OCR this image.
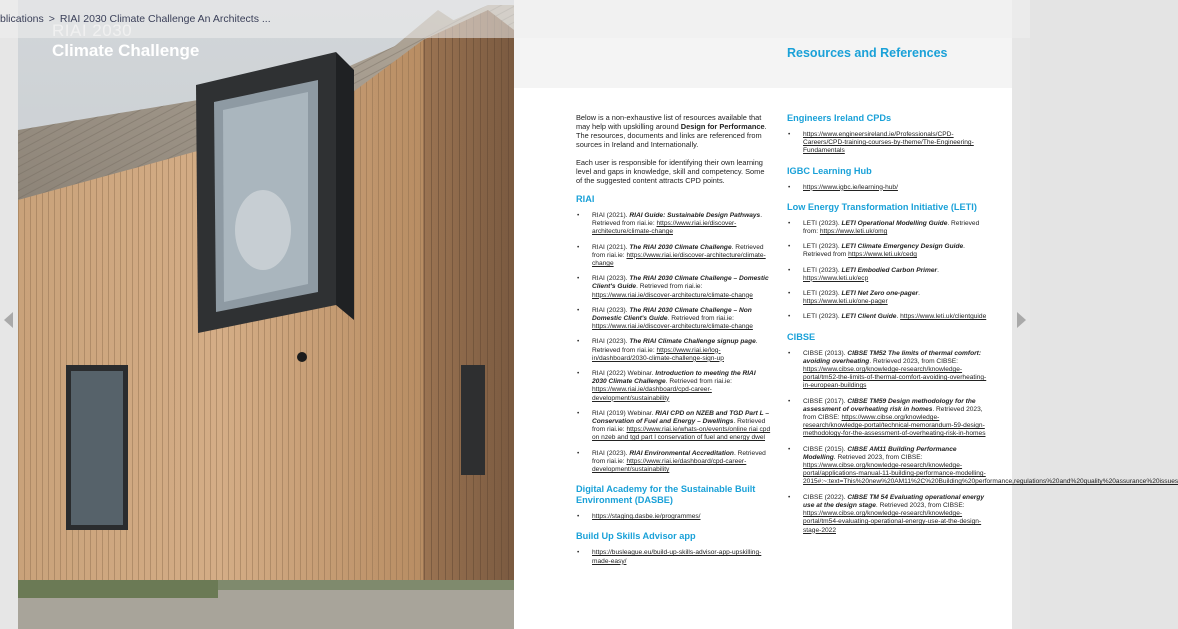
blications > RIAI 2030 Climate Challenge An Architects ...
Climate Challenge	Resources and References

Below is a non-exhaustive list of resources available that may help with upskilling around Design for Performance. The resources, documents and links are referenced from sources in Ireland and Internationally.

Each user is responsible for identifying their own learning level and gaps in knowledge, skill and competency. Some of the suggested content attracts CPD points.

RIAI
• RIAI (2021). RIAI Guide: Sustainable Design Pathways. Retrieved from riai.ie: https://www.riai.ie/discover-architecture/climate-change
• RIAI (2021). The RIAI 2030 Climate Challenge. Retrieved from riai.ie: https://www.riai.ie/discover-architecture/climate-change
• RIAI (2023). The RIAI 2030 Climate Challenge – Domestic Client's Guide. Retrieved from riai.ie: https://www.riai.ie/discover-architecture/climate-change
• RIAI (2023). The RIAI 2030 Climate Challenge – Non Domestic Client's Guide. Retrieved from riai.ie: https://www.riai.ie/discover-architecture/climate-change
• RIAI (2023). The RIAI Climate Challenge signup page. Retrieved from riai.ie: https://www.riai.ie/log-in/dashboard/2030-climate-challenge-sign-up
• RIAI (2022) Webinar. Introduction to meeting the RIAI 2030 Climate Challenge. Retrieved from riai.ie: https://www.riai.ie/dashboard/cpd-career-development/sustainability
• RIAI (2019) Webinar. RIAI CPD on NZEB and TGD Part L – Conservation of Fuel and Energy – Dwellings. Retrieved from riai.ie: https://www.riai.ie/whats-on/events/online riai cpd on nzeb and tgd part l conservation of fuel and energy dwel
• RIAI (2023). RIAI Environmental Accreditation. Retrieved from riai.ie: https://www.riai.ie/dashboard/cpd-career-development/sustainability
Digital Academy for the Sustainable Built Environment (DASBE)
• https://staging.dasbe.ie/programmes/
Build Up Skills Advisor app
• https://busleague.eu/build-up-skills-advisor-app-upskilling-made-easy/
Engineers Ireland CPDs
• https://www.engineersireland.ie/Professionals/CPD-Careers/CPD-training-courses-by-theme/The-Engineering-Fundamentals
IGBC Learning Hub
• https://www.igbc.ie/learning-hub/
Low Energy Transformation Initiative (LETI)
• LETI (2023). LETI Operational Modelling Guide. Retrieved from: https://www.leti.uk/omg
• LETI (2023). LETI Climate Emergency Design Guide. Retrieved from https://www.leti.uk/cedg
• LETI (2023). LETI Embodied Carbon Primer. https://www.leti.uk/ecp
• LETI (2023). LETI Net Zero one-pager. https://www.leti.uk/one-pager
• LETI (2023). LETI Client Guide. https://www.leti.uk/clientguide
CIBSE
• CIBSE (2013). CIBSE TM52 The limits of thermal comfort: avoiding overheating. Retrieved 2023, from CIBSE: https://www.cibse.org/knowledge-research/knowledge-portal/tm52-the-limits-of-thermal-comfort-avoiding-overheating-in-european-buildings
• CIBSE (2017). CIBSE TM59 Design methodology for the assessment of overheating risk in homes. Retrieved 2023, from CIBSE: https://www.cibse.org/knowledge-research/knowledge-portal/technical-memorandum-59-design-methodology-for-the-assessment-of-overheating-risk-in-homes
• CIBSE (2015). CIBSE AM11 Building Performance Modelling. Retrieved 2023, from CIBSE: https://www.cibse.org/knowledge-research/knowledge-portal/applications-manual-11-building-performance-modelling-2015#:~:text=This%20new%20AM11%2C%20Building%20performance,regulations%20and%20quality%20assurance%20issues
• CIBSE (2022). CIBSE TM 54 Evaluating operational energy use at the design stage. Retrieved 2023, from CIBSE: https://www.cibse.org/knowledge-research/knowledge-portal/tm54-evaluating-operational-energy-use-at-the-design-stage-2022
